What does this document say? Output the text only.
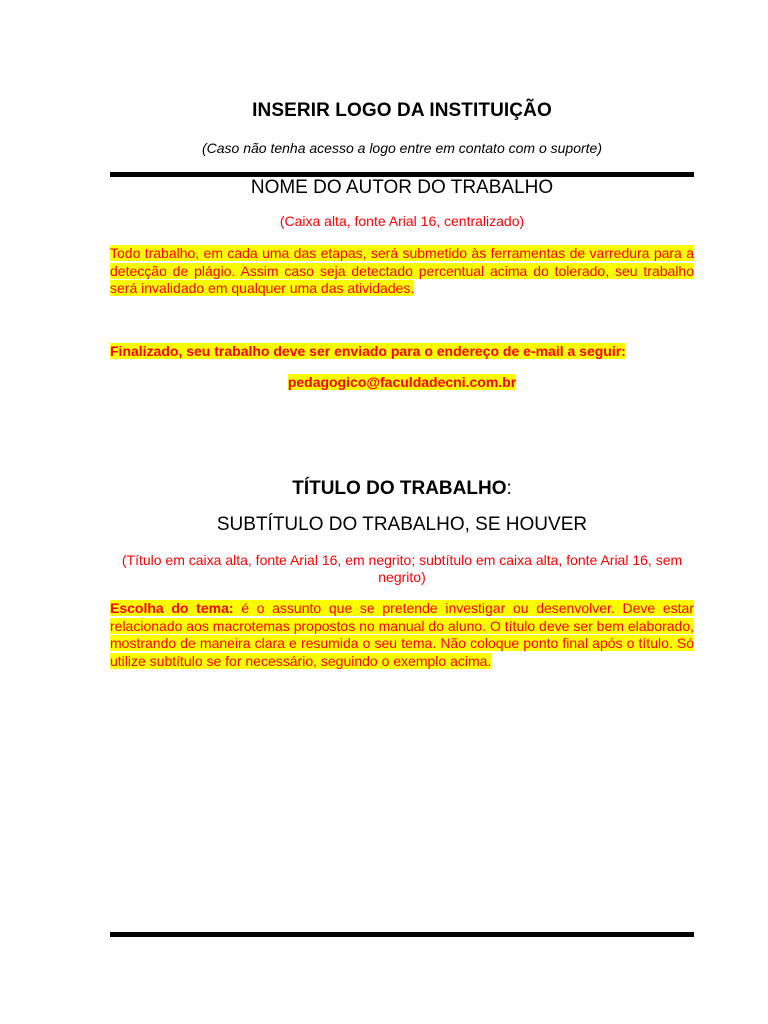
INSERIR LOGO DA INSTITUIÇÃO
(Caso não tenha acesso a logo entre em contato com o suporte)
NOME DO AUTOR DO TRABALHO
(Caixa alta, fonte Arial 16, centralizado)
Todo trabalho, em cada uma das etapas, será submetido às ferramentas de varredura para a detecção de plágio. Assim caso seja detectado percentual acima do tolerado, seu trabalho será invalidado em qualquer uma das atividades.
Finalizado, seu trabalho deve ser enviado para o endereço de e-mail a seguir:
pedagogico@faculdadecni.com.br
TÍTULO DO TRABALHO:
SUBTÍTULO DO TRABALHO, SE HOUVER
(Título em caixa alta, fonte Arial 16, em negrito; subtítulo em caixa alta, fonte Arial 16, sem negrito)
Escolha do tema: é o assunto que se pretende investigar ou desenvolver. Deve estar relacionado aos macrotemas propostos no manual do aluno. O título deve ser bem elaborado, mostrando de maneira clara e resumida o seu tema. Não coloque ponto final após o título. Só utilize subtítulo se for necessário, seguindo o exemplo acima.
